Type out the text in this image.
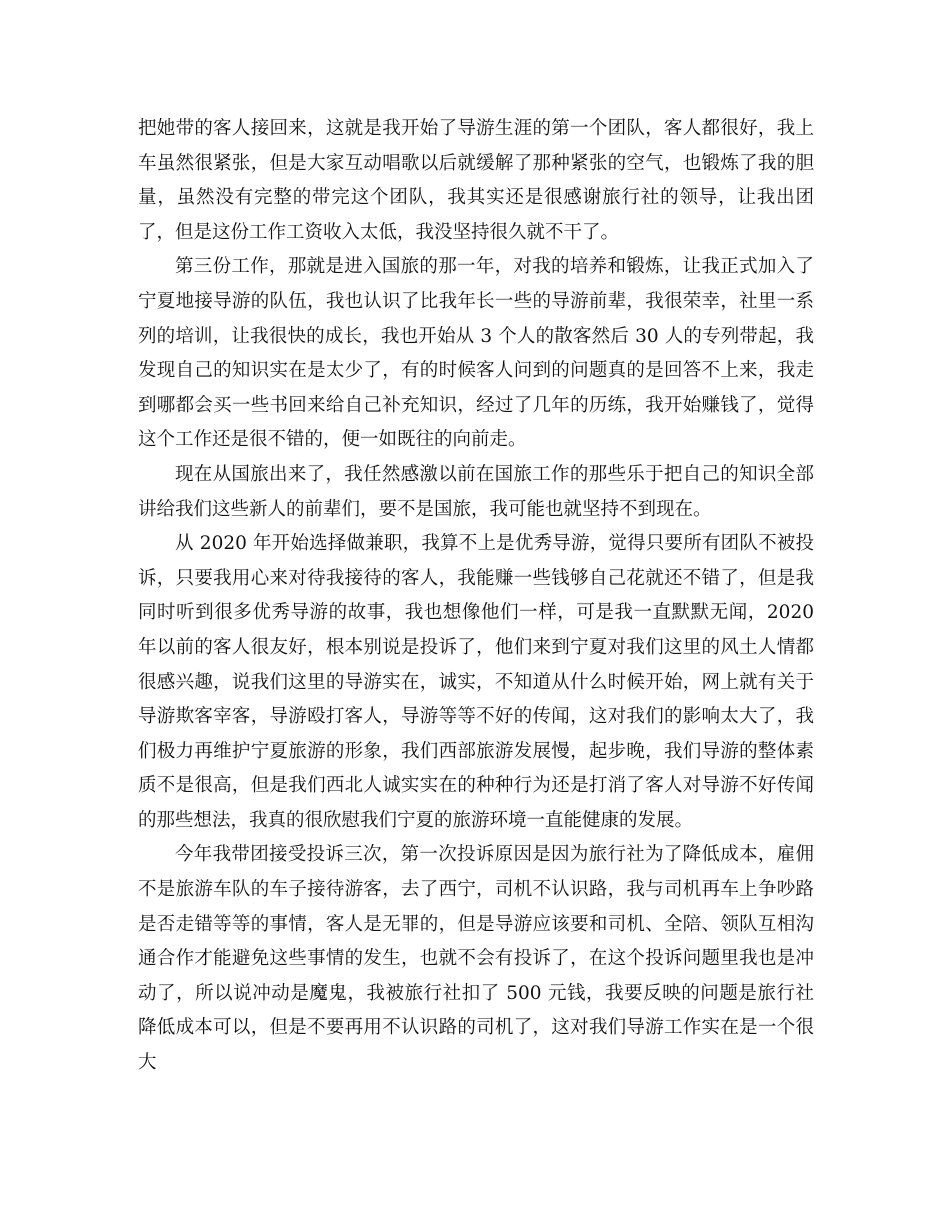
把她带的客人接回来，这就是我开始了导游生涯的第一个团队，客人都很好，我上车虽然很紧张，但是大家互动唱歌以后就缓解了那种紧张的空气，也锻炼了我的胆量，虽然没有完整的带完这个团队，我其实还是很感谢旅行社的领导，让我出团了，但是这份工作工资收入太低，我没坚持很久就不干了。

第三份工作，那就是进入国旅的那一年，对我的培养和锻炼，让我正式加入了宁夏地接导游的队伍，我也认识了比我年长一些的导游前辈，我很荣幸，社里一系列的培训，让我很快的成长，我也开始从 3 个人的散客然后 30 人的专列带起，我发现自己的知识实在是太少了，有的时候客人问到的问题真的是回答不上来，我走到哪都会买一些书回来给自己补充知识，经过了几年的历练，我开始赚钱了，觉得这个工作还是很不错的，便一如既往的向前走。

现在从国旅出来了，我任然感激以前在国旅工作的那些乐于把自己的知识全部讲给我们这些新人的前辈们，要不是国旅，我可能也就坚持不到现在。

从 2020 年开始选择做兼职，我算不上是优秀导游，觉得只要所有团队不被投诉，只要我用心来对待我接待的客人，我能赚一些钱够自己花就还不错了，但是我同时听到很多优秀导游的故事，我也想像他们一样，可是我一直默默无闻，2020 年以前的客人很友好，根本别说是投诉了，他们来到宁夏对我们这里的风土人情都很感兴趣，说我们这里的导游实在，诚实，不知道从什么时候开始，网上就有关于导游欺客宰客，导游殴打客人，导游等等不好的传闻，这对我们的影响太大了，我们极力再维护宁夏旅游的形象，我们西部旅游发展慢，起步晚，我们导游的整体素质不是很高，但是我们西北人诚实实在的种种行为还是打消了客人对导游不好传闻的那些想法，我真的很欣慰我们宁夏的旅游环境一直能健康的发展。

今年我带团接受投诉三次，第一次投诉原因是因为旅行社为了降低成本，雇佣不是旅游车队的车子接待游客，去了西宁，司机不认识路，我与司机再车上争吵路是否走错等等的事情，客人是无罪的，但是导游应该要和司机、全陪、领队互相沟通合作才能避免这些事情的发生，也就不会有投诉了，在这个投诉问题里我也是冲动了，所以说冲动是魔鬼，我被旅行社扣了 500 元钱，我要反映的问题是旅行社降低成本可以，但是不要再用不认识路的司机了，这对我们导游工作实在是一个很大
